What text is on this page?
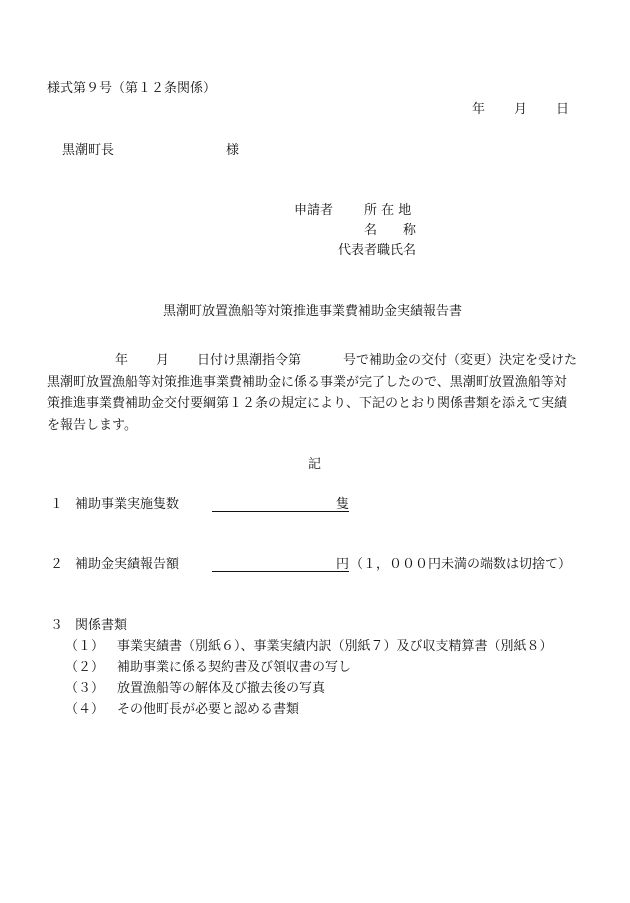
様式第９号（第１２条関係）
年 月 日
黒潮町長	様
申請者 所 在 地
名　　称
代表者職氏名
黒潮町放置漁船等対策推進事業費補助金実績報告書

年 月 日付け黒潮指令第	号で補助金の交付（変更）決定を受けた

黒潮町放置漁船等対策推進事業費補助金に係る事業が完了したので、黒潮町放置漁船等対

策推進事業費補助金交付要綱第１２条の規定により、下記のとおり関係書類を添えて実績

を報告します。

記
１ 補助事業実施隻数	隻
２ 補助金実績報告額	円 （１，０００円未満の端数は切捨て）
３ 関係書類
（１） 事業実績書（別紙６）、事業実績内訳（別紙７）及び収支精算書（別紙８）
（２） 補助事業に係る契約書及び領収書の写し
（３） 放置漁船等の解体及び撤去後の写真
（４） その他町長が必要と認める書類
